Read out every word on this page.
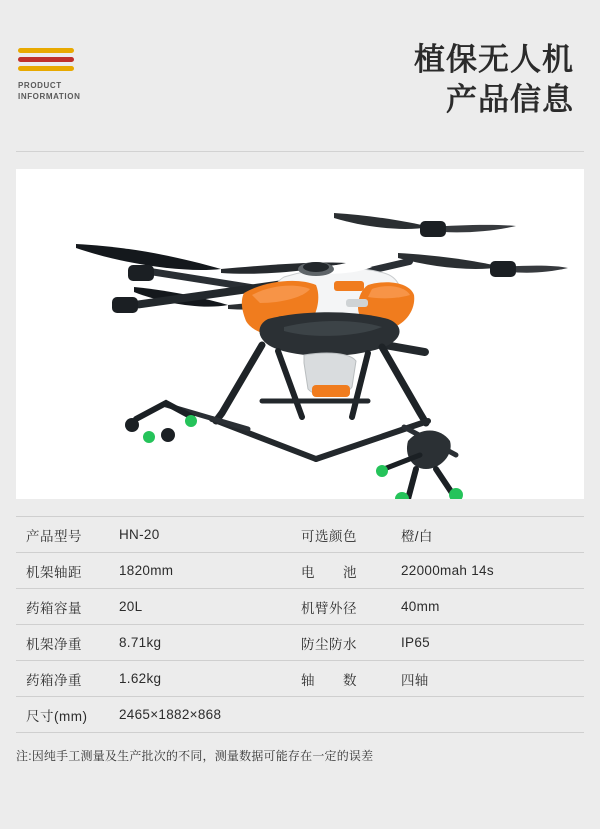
PRODUCT
INFORMATION
植保无人机
产品信息
产品型号	HN-20	可选颜色	橙/白
机架轴距	1820mm	电　　池	22000mah 14s
药箱容量	20L	机臂外径	40mm
机架净重	8.71kg	防尘防水	IP65
药箱净重	1.62kg	轴　　数	四轴
尺寸(mm)	2465×1882×868
注:因纯手工测量及生产批次的不同，测量数据可能存在一定的误差
